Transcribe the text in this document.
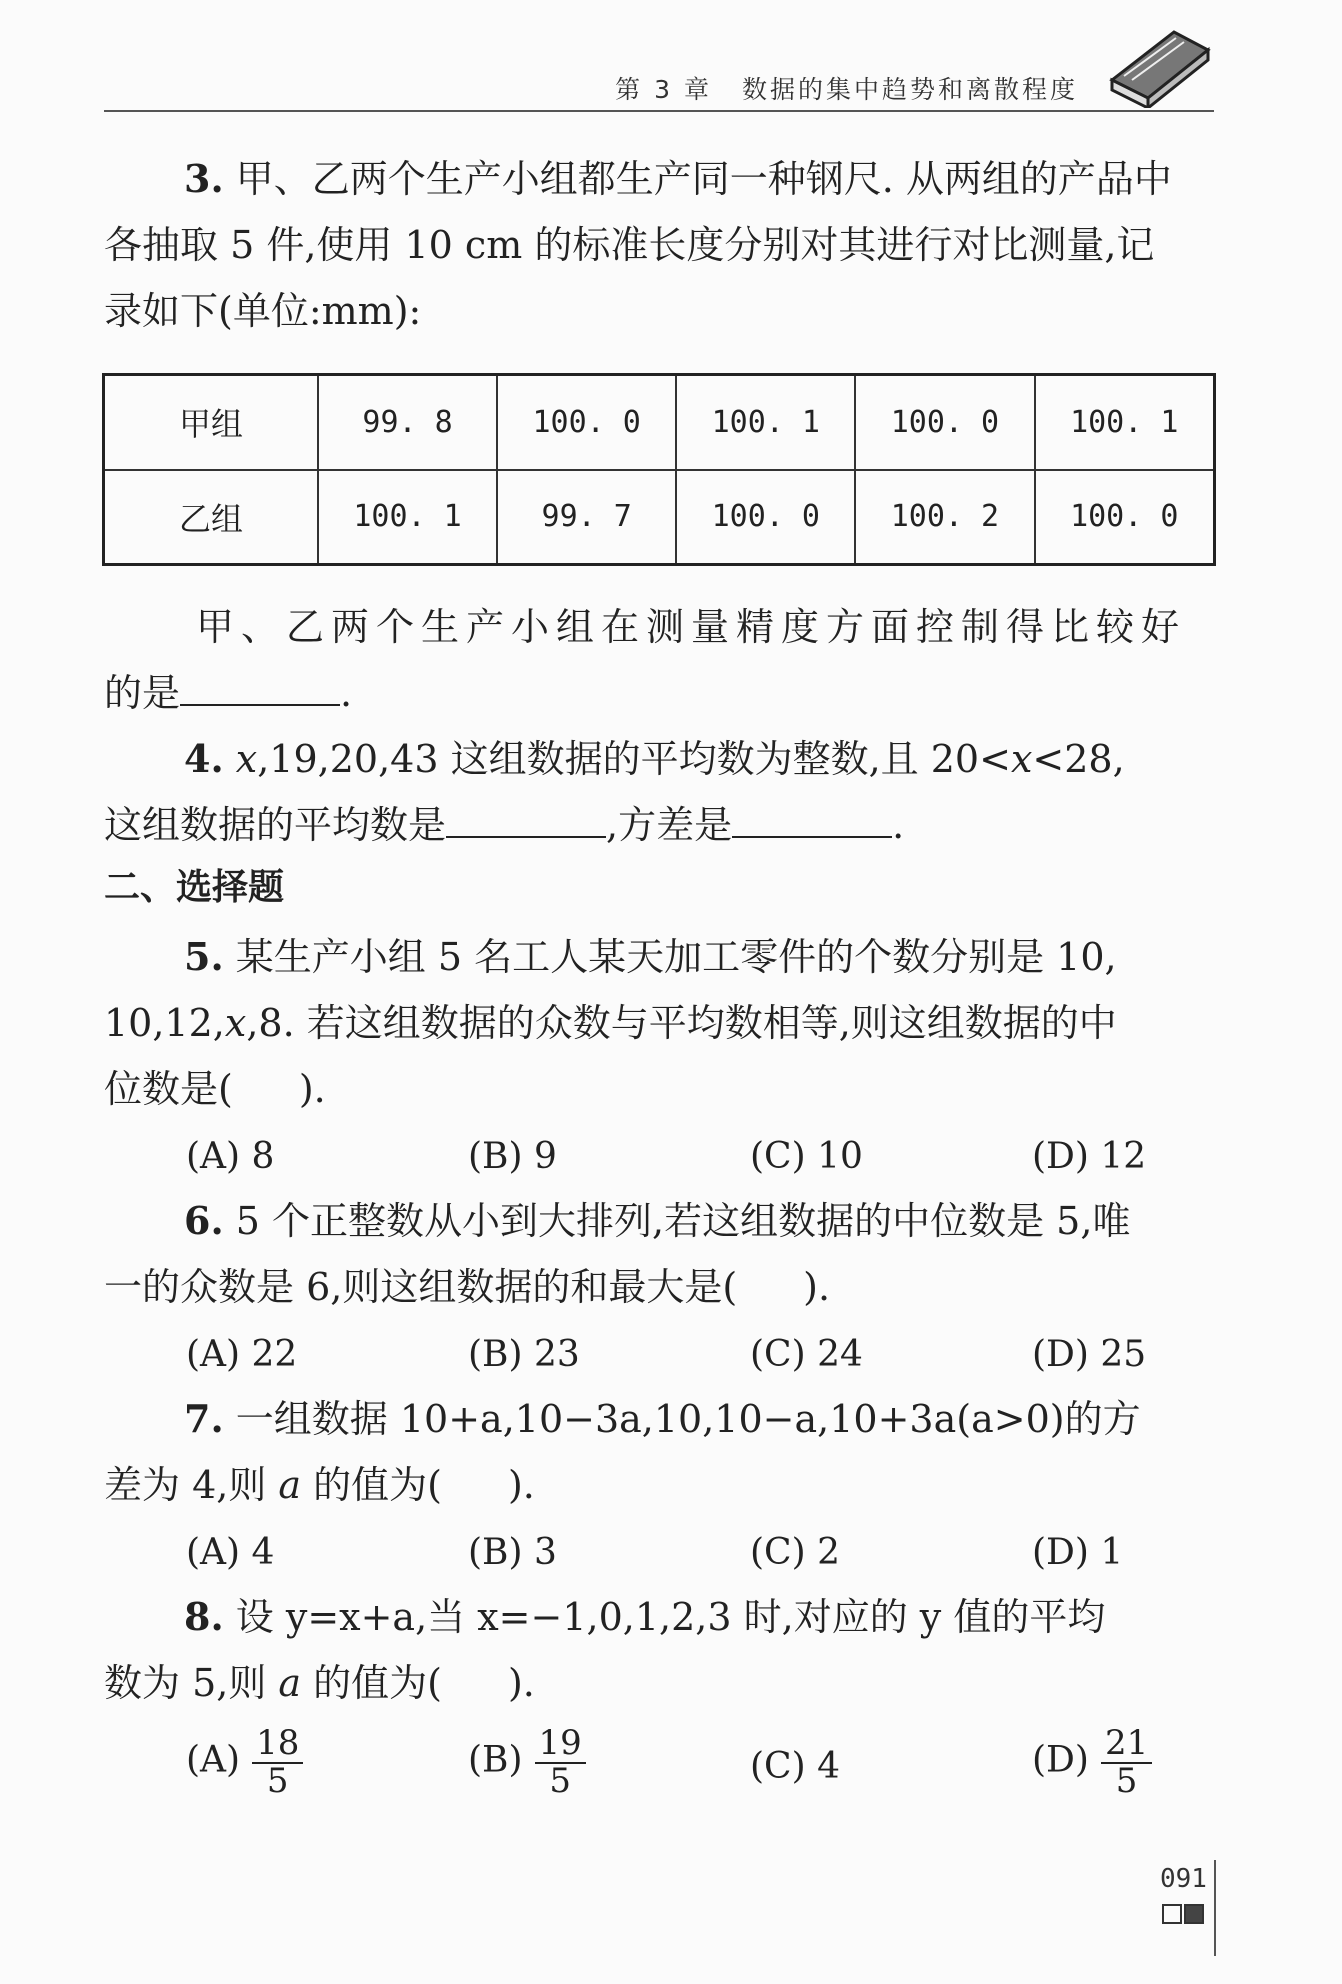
第 3 章 数据的集中趋势和离散程度
3. 甲、乙两个生产小组都生产同一种钢尺. 从两组的产品中
各抽取 5 件,使用 10 cm 的标准长度分别对其进行对比测量,记
录如下(单位:mm):
甲组	99. 8	100. 0	100. 1	100. 0	100. 1
乙组	100. 1	99. 7	100. 0	100. 2	100. 0
甲、乙两个生产小组在测量精度方面控制得比较好
的是	.
4. x,19,20,43 这组数据的平均数为整数,且 20<x<28,
这组数据的平均数是	,方差是	.
二、选择题
5. 某生产小组 5 名工人某天加工零件的个数分别是 10,
10,12,x,8. 若这组数据的众数与平均数相等,则这组数据的中
位数是( ).
(A) 8	(B) 9	(C) 10	(D) 12
6. 5 个正整数从小到大排列,若这组数据的中位数是 5,唯
一的众数是 6,则这组数据的和最大是( ).
(A) 22	(B) 23	(C) 24	(D) 25
7. 一组数据 10+a,10−3a,10,10−a,10+3a(a>0)的方
差为 4,则 a 的值为( ).
(A) 4	(B) 3	(C) 2	(D) 1
8. 设 y=x+a,当 x=−1,0,1,2,3 时,对应的 y 值的平均
数为 5,则 a 的值为( ).
$(A) \frac{18}{5}$	$(B) \frac{19}{5}$	(C) 4	$(D) \frac{21}{5}$
091
